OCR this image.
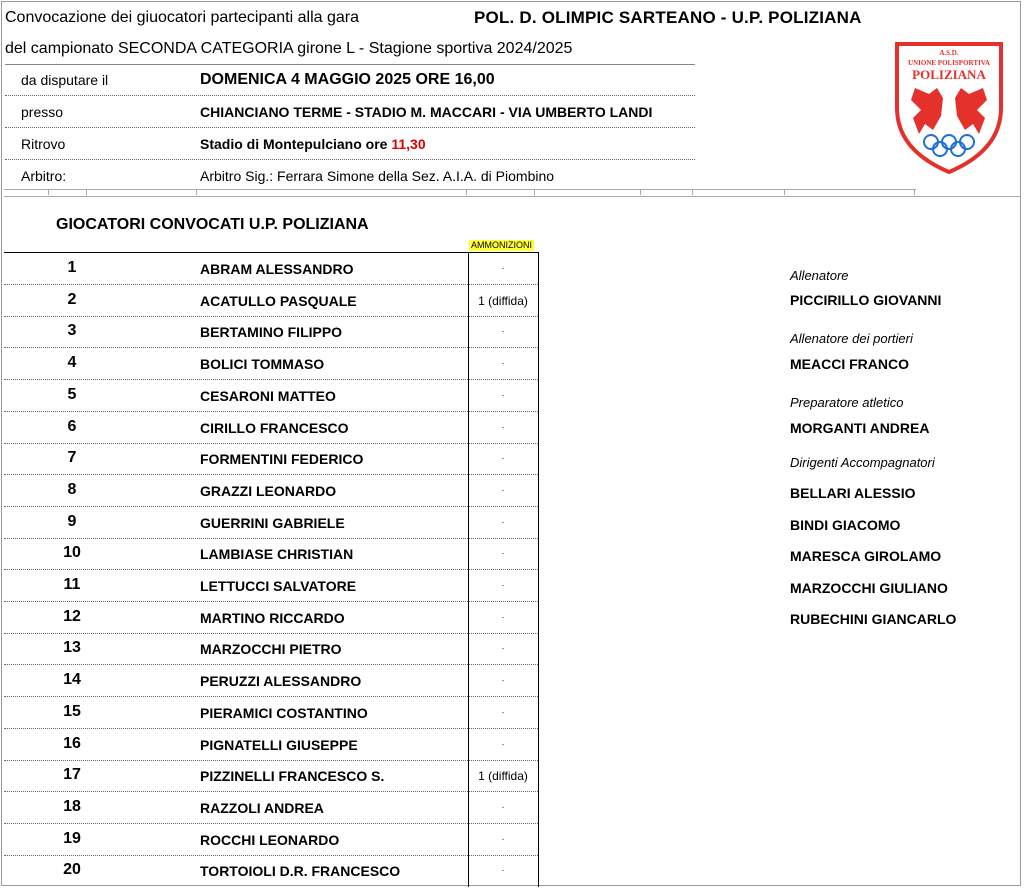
Convocazione dei giuocatori partecipanti alla gara	POL. D. OLIMPIC SARTEANO - U.P. POLIZIANA
del campionato SECONDA CATEGORIA girone L - Stagione sportiva 2024/2025
da disputare il	DOMENICA 4 MAGGIO 2025 ORE 16,00
presso	CHIANCIANO TERME - STADIO M. MACCARI - VIA UMBERTO LANDI
Ritrovo	Stadio di Montepulciano ore 11,30
Arbitro:	Arbitro Sig.: Ferrara Simone della Sez. A.I.A. di Piombino
A.S.D.
UNIONE POLISPORTIVA
POLIZIANA
GIOCATORI CONVOCATI U.P. POLIZIANA
AMMONIZIONI
1	ABRAM ALESSANDRO	.
2	ACATULLO PASQUALE	1 (diffida)
3	BERTAMINO FILIPPO	.
4	BOLICI TOMMASO	.
5	CESARONI MATTEO	.
6	CIRILLO FRANCESCO	.
7	FORMENTINI FEDERICO	.
8	GRAZZI LEONARDO	.
9	GUERRINI GABRIELE	.
10	LAMBIASE CHRISTIAN	.
11	LETTUCCI SALVATORE	.
12	MARTINO RICCARDO	.
13	MARZOCCHI PIETRO	.
14	PERUZZI ALESSANDRO	.
15	PIERAMICI COSTANTINO	.
16	PIGNATELLI GIUSEPPE	.
17	PIZZINELLI FRANCESCO S.	1 (diffida)
18	RAZZOLI ANDREA	.
19	ROCCHI LEONARDO	.
20	TORTOIOLI D.R. FRANCESCO	.
Allenatore
PICCIRILLO GIOVANNI
Allenatore dei portieri
MEACCI FRANCO
Preparatore atletico
MORGANTI ANDREA
Dirigenti Accompagnatori
BELLARI ALESSIO
BINDI GIACOMO
MARESCA GIROLAMO
MARZOCCHI GIULIANO
RUBECHINI GIANCARLO
